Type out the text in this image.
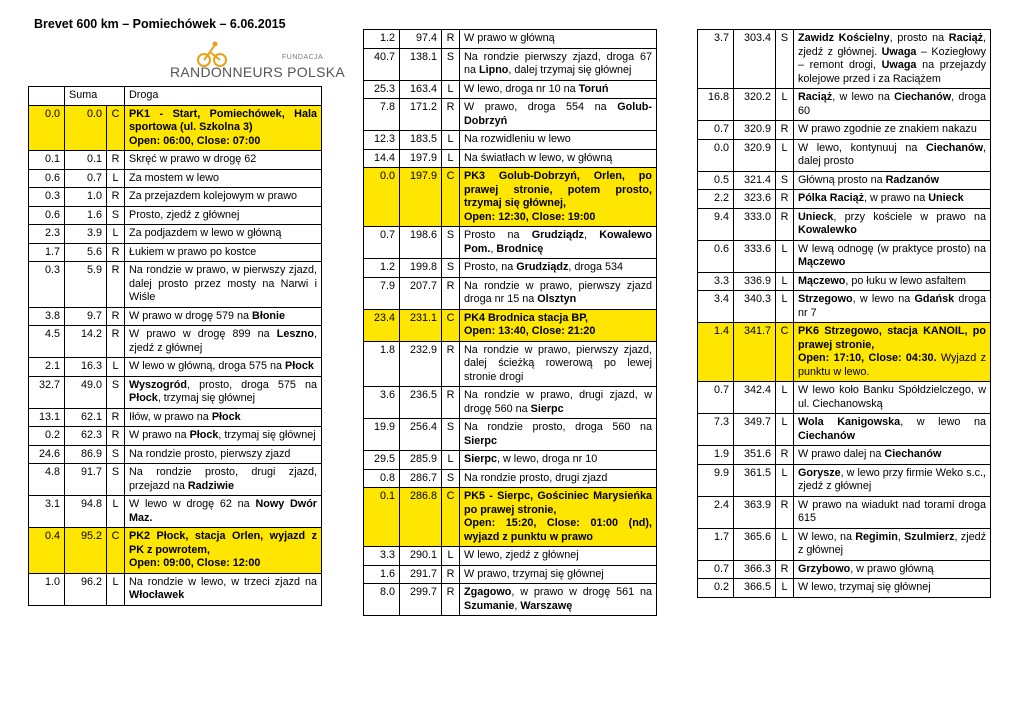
Brevet 600 km – Pomiechówek – 6.06.2015
FUNDACJA
RANDONNEURS POLSKA
	Suma		Droga
0.0	0.0	C	PK1 - Start, Pomiechówek, Hala sportowa (ul. Szkolna 3)
Open: 06:00, Close: 07:00
0.1	0.1	R	Skręć w prawo w drogę 62
0.6	0.7	L	Za mostem w lewo
0.3	1.0	R	Za przejazdem kolejowym w prawo
0.6	1.6	S	Prosto, zjedź z głównej
2.3	3.9	L	Za podjazdem w lewo w główną
1.7	5.6	R	Łukiem w prawo po kostce
0.3	5.9	R	Na rondzie w prawo, w pierwszy zjazd, dalej prosto przez mosty na Narwi i Wiśle
3.8	9.7	R	W prawo w drogę 579 na Błonie
4.5	14.2	R	W prawo w drogę 899 na Leszno, zjedź z głównej
2.1	16.3	L	W lewo w główną, droga 575 na Płock
32.7	49.0	S	Wyszogród, prosto, droga 575 na Płock, trzymaj się głównej
13.1	62.1	R	Iłów, w prawo na Płock
0.2	62.3	R	W prawo na Płock, trzymaj się głównej
24.6	86.9	S	Na rondzie prosto, pierwszy zjazd
4.8	91.7	S	Na rondzie prosto, drugi zjazd, przejazd na Radziwie
3.1	94.8	L	W lewo w drogę 62 na Nowy Dwór Maz.
0.4	95.2	C	PK2 Płock, stacja Orlen, wyjazd z PK z powrotem,
Open: 09:00, Close: 12:00
1.0	96.2	L	Na rondzie w lewo, w trzeci zjazd na Włocławek
1.2	97.4	R	W prawo w główną
40.7	138.1	S	Na rondzie pierwszy zjazd, droga 67 na Lipno, dalej trzymaj się głównej
25.3	163.4	L	W lewo, droga nr 10 na Toruń
7.8	171.2	R	W prawo, droga 554 na Golub-Dobrzyń
12.3	183.5	L	Na rozwidleniu w lewo
14.4	197.9	L	Na światłach w lewo, w główną
0.0	197.9	C	PK3 Golub-Dobrzyń, Orlen, po prawej stronie, potem prosto, trzymaj się głównej,
Open: 12:30, Close: 19:00
0.7	198.6	S	Prosto na Grudziądz, Kowalewo Pom., Brodnicę
1.2	199.8	S	Prosto, na Grudziądz, droga 534
7.9	207.7	R	Na rondzie w prawo, pierwszy zjazd droga nr 15 na Olsztyn
23.4	231.1	C	PK4 Brodnica stacja BP,
Open: 13:40, Close: 21:20
1.8	232.9	R	Na rondzie w prawo, pierwszy zjazd, dalej ścieżką rowerową po lewej stronie drogi
3.6	236.5	R	Na rondzie w prawo, drugi zjazd, w drogę 560 na Sierpc
19.9	256.4	S	Na rondzie prosto, droga 560 na Sierpc
29.5	285.9	L	Sierpc, w lewo, droga nr 10
0.8	286.7	S	Na rondzie prosto, drugi zjazd
0.1	286.8	C	PK5 - Sierpc, Gościniec Marysieńka po prawej stronie,
Open: 15:20, Close: 01:00 (nd), wyjazd z punktu w prawo
3.3	290.1	L	W lewo, zjedź z głównej
1.6	291.7	R	W prawo, trzymaj się głównej
8.0	299.7	R	Zgagowo, w prawo w drogę 561 na Szumanie, Warszawę
3.7	303.4	S	Zawidz Kościelny, prosto na Raciąż, zjedź z głównej. Uwaga – Koziegłowy – remont drogi, Uwaga na przejazdy kolejowe przed i za Raciążem
16.8	320.2	L	Raciąż, w lewo na Ciechanów, droga 60
0.7	320.9	R	W prawo zgodnie ze znakiem nakazu
0.0	320.9	L	W lewo, kontynuuj na Ciechanów, dalej prosto
0.5	321.4	S	Główną prosto na Radzanów
2.2	323.6	R	Pólka Raciąż, w prawo na Unieck
9.4	333.0	R	Unieck, przy kościele w prawo na Kowalewko
0.6	333.6	L	W lewą odnogę (w praktyce prosto) na Mączewo
3.3	336.9	L	Mączewo, po łuku w lewo asfaltem
3.4	340.3	L	Strzegowo, w lewo na Gdańsk droga nr 7
1.4	341.7	C	PK6 Strzegowo, stacja KANOIL, po prawej stronie,
Open: 17:10, Close: 04:30. Wyjazd z punktu w lewo.
0.7	342.4	L	W lewo koło Banku Spółdzielczego, w ul. Ciechanowską
7.3	349.7	L	Wola Kanigowska, w lewo na Ciechanów
1.9	351.6	R	W prawo dalej na Ciechanów
9.9	361.5	L	Gorysze, w lewo przy firmie Weko s.c., zjedź z głównej
2.4	363.9	R	W prawo na wiadukt nad torami droga 615
1.7	365.6	L	W lewo, na Regimin, Szulmierz, zjedź z głównej
0.7	366.3	R	Grzybowo, w prawo główną
0.2	366.5	L	W lewo, trzymaj się głównej
